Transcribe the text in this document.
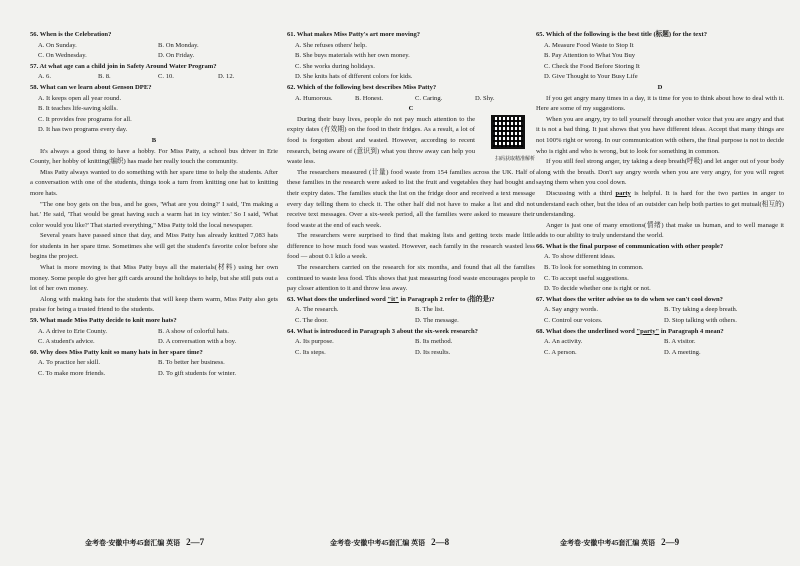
56. When is the Celebration?

A. On Sunday.	B. On Monday.
C. On Wednesday.	D. On Friday.

57. At what age can a child join in Safety Around Water Program?

A. 6.	B. 8.	C. 10.	D. 12.

58. What can we learn about Genson DPE?

A. It keeps open all year round.

B. It teaches life-saving skills.

C. It provides free programs for all.

D. It has two programs every day.

B

It's always a good thing to have a hobby. For Miss Patty, a school bus driver in Erie County, her hobby of knitting(编织) has made her really touch the community.

Miss Patty always wanted to do something with her spare time to help the students. After a conversation with one of the students, things took a turn from knitting one hat to knitting more hats.

"The one boy gets on the bus, and he goes, 'What are you doing?' I said, 'I'm making a hat.' He said, 'That would be great having such a warm hat in icy winter.' So I said, 'What color would you like?' That started everything," Miss Patty told the local newspaper.

Several years have passed since that day, and Miss Patty has already knitted 7,083 hats for students in her spare time. Sometimes she will get the student's favorite color before she begins the project.

What is more moving is that Miss Patty buys all the materials(材料) using her own money. Some people do give her gift cards around the holidays to help, but she still puts out a lot of her own money.

Along with making hats for the students that will keep them warm, Miss Patty also gets praise for being a trusted friend to the students.

59. What made Miss Patty decide to knit more hats?

A. A drive to Erie County.	B. A show of colorful hats.
C. A student's advice.	D. A conversation with a boy.

60. Why does Miss Patty knit so many hats in her spare time?

A. To practice her skill.	B. To better her business.
C. To make more friends.	D. To gift students for winter.
金考卷·安徽中考45套汇编 英语 2—7

61. What makes Miss Patty's art more moving?

A. She refuses others' help.

B. She buys materials with her own money.

C. She works during holidays.

D. She knits hats of different colors for kids.

62. Which of the following best describes Miss Patty?

A. Humorous.	B. Honest.	C. Caring.	D. Shy.

C

扫码获取精准解析

During their busy lives, people do not pay much attention to the expiry dates (有效期) on the food in their fridges. As a result, a lot of food is forgotten about and wasted. However, according to recent research, being aware of (意识到) what you throw away can help you waste less.

The researchers measured (计量) food waste from 154 families across the UK. Half of these families in the research were asked to list the fruit and vegetables they had bought and their expiry dates. The families stuck the list on the fridge door and received a text message every day telling them to check it. The other half did not have to make a list and did not receive text messages. Over a six-week period, all the families were asked to measure their food waste at the end of each week.

The researchers were surprised to find that making lists and getting texts made little difference to how much food was wasted. However, each family in the research wasted less food — about 0.1 kilo a week.

The researchers carried on the research for six months, and found that all the families continued to waste less food. This shows that just measuring food waste encourages people to pay closer attention to it and throw less away.

63. What does the underlined word "it" in Paragraph 2 refer to (指的是)?

A. The research.	B. The list.
C. The door.	D. The message.

64. What is introduced in Paragraph 3 about the six-week research?

A. Its purpose.	B. Its method.
C. Its steps.	D. Its results.
金考卷·安徽中考45套汇编 英语 2—8

65. Which of the following is the best title (标题) for the text?

A. Measure Food Waste to Stop It

B. Pay Attention to What You Buy

C. Check the Food Before Storing It

D. Give Thought to Your Busy Life

D

If you get angry many times in a day, it is time for you to think about how to deal with it. Here are some of my suggestions.

When you are angry, try to tell yourself through another voice that you are angry and that it is not a bad thing. It just shows that you have different ideas. Accept that many things are not 100% right or wrong. In our communication with others, the final purpose is not to decide who is right and who is wrong, but to look for something in common.

If you still feel strong anger, try taking a deep breath(呼吸) and let anger out of your body along with the breath. Don't say angry words when you are very angry, for you will regret saying them when you cool down.

Discussing with a third party is helpful. It is hard for the two parties in anger to understand each other, but the idea of an outsider can help both parties to get mutual(相互的) understanding.

Anger is just one of many emotions(情绪) that make us human, and to well manage it adds to our ability to truly understand the world.

66. What is the final purpose of communication with other people?

A. To show different ideas.

B. To look for something in common.

C. To accept useful suggestions.

D. To decide whether one is right or not.

67. What does the writer advise us to do when we can't cool down?

A. Say angry words.	B. Try taking a deep breath.
C. Control our voices.	D. Stop talking with others.

68. What does the underlined word "party" in Paragraph 4 mean?

A. An activity.	B. A visitor.
C. A person.	D. A meeting.
金考卷·安徽中考45套汇编 英语 2—9
